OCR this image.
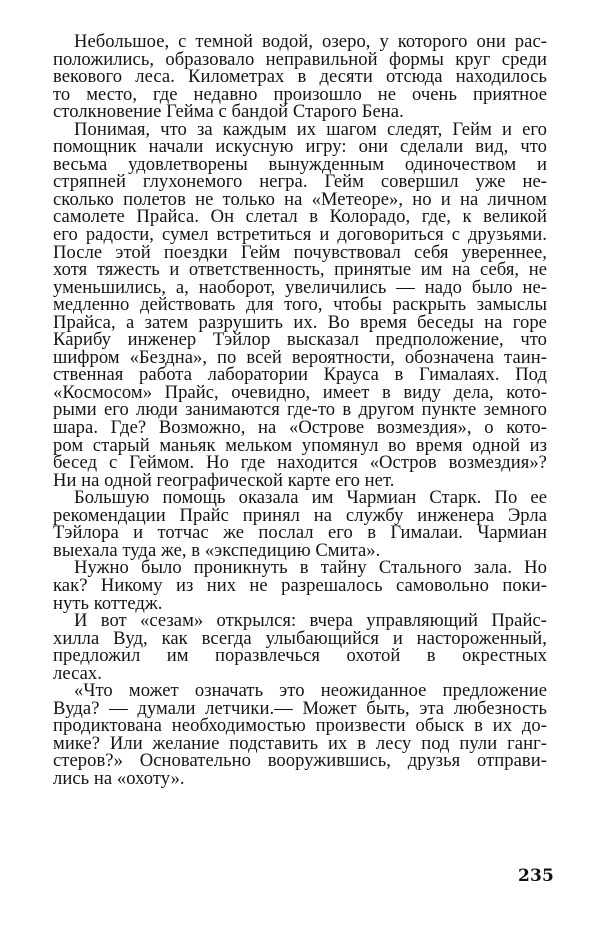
Небольшое, с темной водой, озеро, у которого они рас-
положились, образовало неправильной формы круг среди
векового леса. Километрах в десяти отсюда находилось
то место, где недавно произошло не очень приятное
столкновение Гейма с бандой Старого Бена.
Понимая, что за каждым их шагом следят, Гейм и его
помощник начали искусную игру: они сделали вид, что
весьма удовлетворены вынужденным одиночеством и
стряпней глухонемого негра. Гейм совершил уже не-
сколько полетов не только на «Метеоре», но и на личном
самолете Прайса. Он слетал в Колорадо, где, к великой
его радости, сумел встретиться и договориться с друзьями.
После этой поездки Гейм почувствовал себя увереннее,
хотя тяжесть и ответственность, принятые им на себя, не
уменьшились, а, наоборот, увеличились — надо было не-
медленно действовать для того, чтобы раскрыть замыслы
Прайса, а затем разрушить их. Во время беседы на горе
Карибу инженер Тэйлор высказал предположение, что
шифром «Бездна», по всей вероятности, обозначена таин-
ственная работа лаборатории Крауса в Гималаях. Под
«Космосом» Прайс, очевидно, имеет в виду дела, кото-
рыми его люди занимаются где-то в другом пункте земного
шара. Где? Возможно, на «Острове возмездия», о кото-
ром старый маньяк мельком упомянул во время одной из
бесед с Геймом. Но где находится «Остров возмездия»?
Ни на одной географической карте его нет.
Большую помощь оказала им Чармиан Старк. По ее
рекомендации Прайс принял на службу инженера Эрла
Тэйлора и тотчас же послал его в Гималаи. Чармиан
выехала туда же, в «экспедицию Смита».
Нужно было проникнуть в тайну Стального зала. Но
как? Никому из них не разрешалось самовольно поки-
нуть коттедж.
И вот «сезам» открылся: вчера управляющий Прайс-
хилла Вуд, как всегда улыбающийся и настороженный,
предложил им поразвлечься охотой в окрестных
лесах.
«Что может означать это неожиданное предложение
Вуда? — думали летчики.— Может быть, эта любезность
продиктована необходимостью произвести обыск в их до-
мике? Или желание подставить их в лесу под пули ганг-
стеров?» Основательно вооружившись, друзья отправи-
лись на «охоту».
235
